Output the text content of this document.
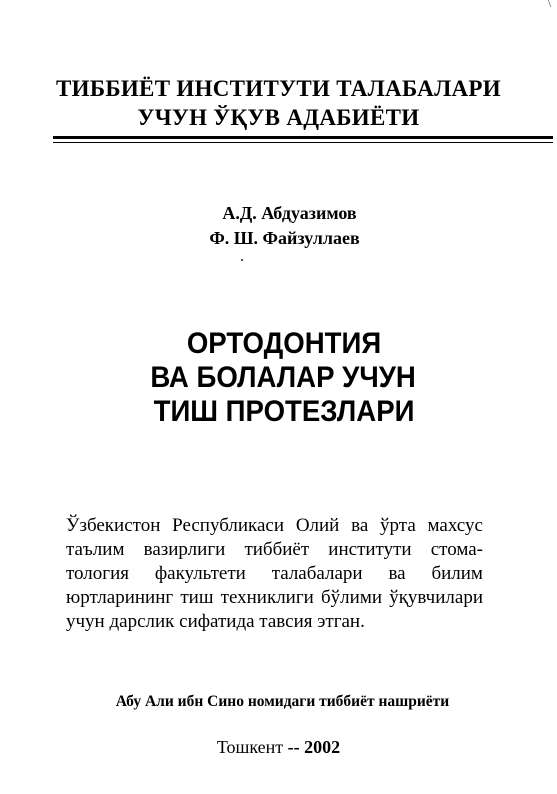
\
ТИББИЁТ ИНСТИТУТИ ТАЛАБАЛАРИ
УЧУН ЎҚУВ АДАБИЁТИ
А.Д. Абдуазимов
Ф. Ш. Файзуллаев
ОРТОДОНТИЯ
ВА БОЛАЛАР УЧУН
ТИШ ПРОТЕЗЛАРИ
Ўзбекистон Республикаси Олий ва ўрта махсус
таълим вазирлиги тиббиёт институти стома-
тология факультети талабалари ва билим
юртларининг тиш техниклиги бўлими ўқувчилари
учун дарслик сифатида тавсия этган.
Абу Али ибн Сино номидаги тиббиёт нашриёти
Тошкент -- 2002
